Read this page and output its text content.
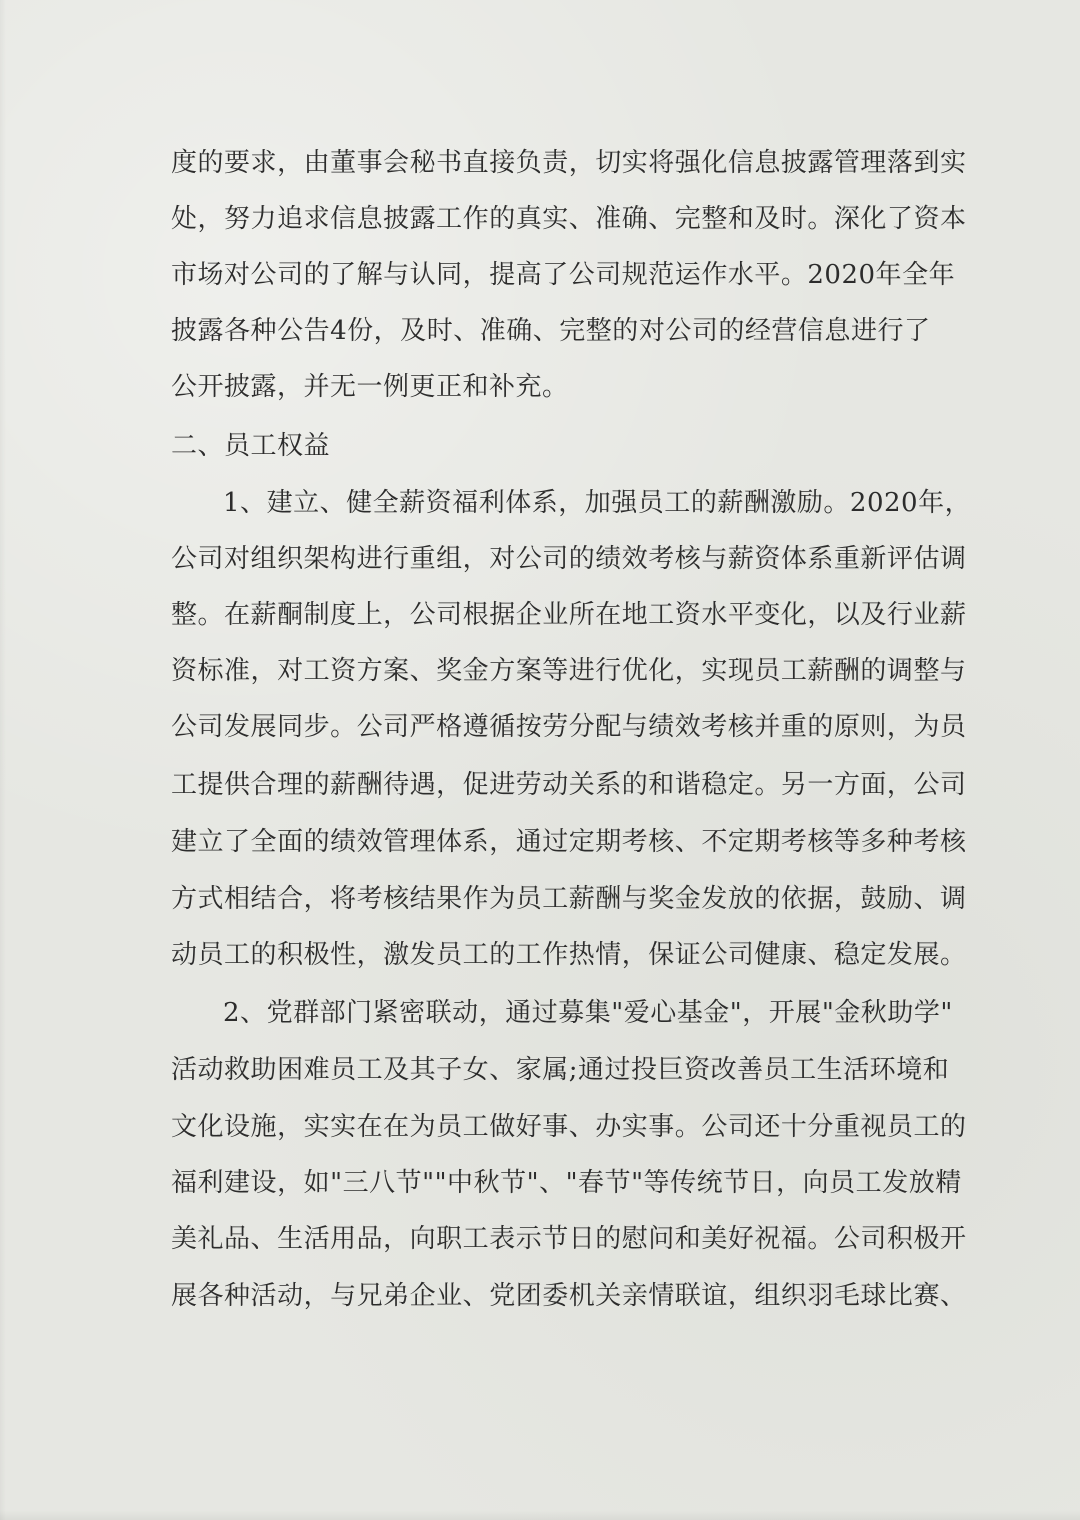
度 的 要 求 ， 由 董 事 会 秘 书 直 接 负 责 ， 切 实 将 强 化 信 息 披 露 管 理 落 到 实
处 ， 努 力 追 求 信 息 披 露 工 作 的 真 实 、 准 确 、 完 整 和 及 时 。 深 化 了 资 本
市 场 对 公 司 的 了 解 与 认 同 ， 提 高 了 公 司 规 范 运 作 水 平 。 2020 年 全 年
披 露 各 种 公 告 4 份 ， 及 时 、 准 确 、 完 整 的 对 公 司 的 经 营 信 息 进 行 了
公开披露，并无一例更正和补充。
二、员工权益
1 、 建 立 、 健 全 薪 资 福 利 体 系 ， 加 强 员 工 的 薪 酬 激 励 。 2020 年 ，
公 司 对 组 织 架 构 进 行 重 组 ， 对 公 司 的 绩 效 考 核 与 薪 资 体 系 重 新 评 估 调
整 。 在 薪 酮 制 度 上 ， 公 司 根 据 企 业 所 在 地 工 资 水 平 变 化 ， 以 及 行 业 薪
资 标 准 ， 对 工 资 方 案 、 奖 金 方 案 等 进 行 优 化 ， 实 现 员 工 薪 酬 的 调 整 与
公 司 发 展 同 步 。 公 司 严 格 遵 循 按 劳 分 配 与 绩 效 考 核 并 重 的 原 则 ， 为 员
工 提 供 合 理 的 薪 酬 待 遇 ， 促 进 劳 动 关 系 的 和 谐 稳 定 。 另 一 方 面 ， 公 司
建 立 了 全 面 的 绩 效 管 理 体 系 ， 通 过 定 期 考 核 、 不 定 期 考 核 等 多 种 考 核
方 式 相 结 合 ， 将 考 核 结 果 作 为 员 工 薪 酬 与 奖 金 发 放 的 依 据 ， 鼓 励 、 调
动 员 工 的 积 极 性 ， 激 发 员 工 的 工 作 热 情 ， 保 证 公 司 健 康 、 稳 定 发 展 。
2 、 党 群 部 门 紧 密 联 动 ， 通 过 募 集 " 爱 心 基 金 " ， 开 展 " 金 秋 助 学 "
活 动 救 助 困 难 员 工 及 其 子 女 、 家 属 ; 通 过 投 巨 资 改 善 员 工 生 活 环 境 和
文 化 设 施 ， 实 实 在 在 为 员 工 做 好 事 、 办 实 事 。 公 司 还 十 分 重 视 员 工 的
福 利 建 设 ， 如 " 三 八 节 " " 中 秋 节 " 、 " 春 节 " 等 传 统 节 日 ， 向 员 工 发 放 精
美 礼 品 、 生 活 用 品 ， 向 职 工 表 示 节 日 的 慰 问 和 美 好 祝 福 。 公 司 积 极 开
展 各 种 活 动 ， 与 兄 弟 企 业 、 党 团 委 机 关 亲 情 联 谊 ， 组 织 羽 毛 球 比 赛 、
